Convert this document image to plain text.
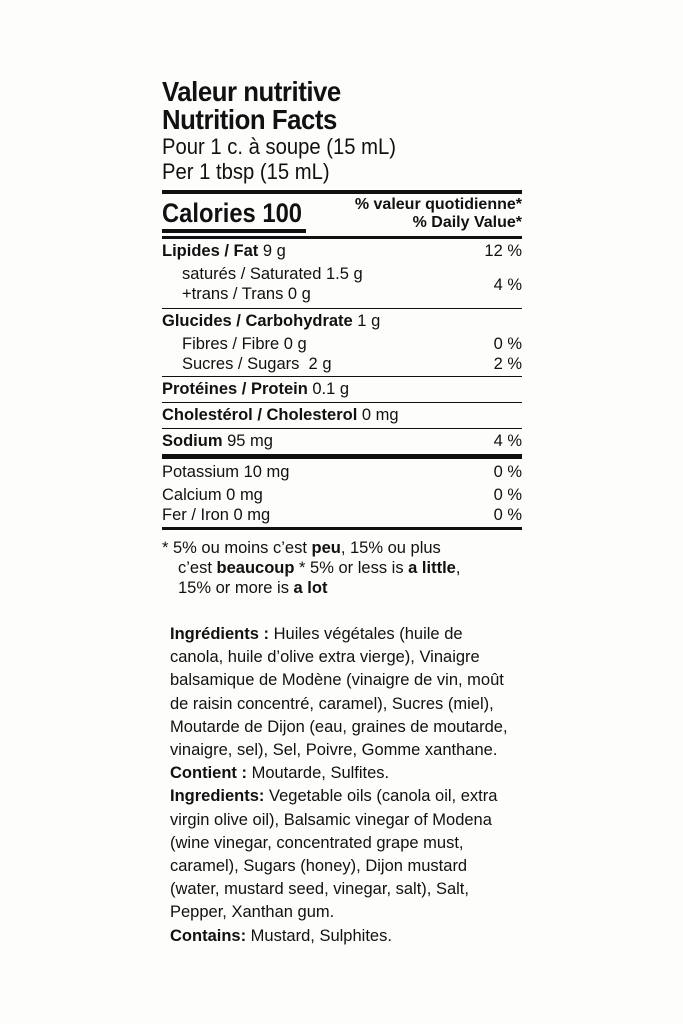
Valeur nutritive
Nutrition Facts
Pour 1 c. à soupe (15 mL)
Per 1 tbsp (15 mL)
Calories 100	% valeur quotidienne*
% Daily Value*
Lipides / Fat 9 g	12 %
saturés / Saturated 1.5 g
+trans / Trans 0 g	4 %
Glucides / Carbohydrate 1 g
Fibres / Fibre 0 g	0 %
Sucres / Sugars  2 g	2 %
Protéines / Protein 0.1 g
Cholestérol / Cholesterol 0 mg
Sodium 95 mg	4 %
Potassium 10 mg	0 %
Calcium 0 mg	0 %
Fer / Iron 0 mg	0 %
* 5% ou moins c’est peu, 15% ou plus
c’est beaucoup * 5% or less is a little,
15% or more is a lot
Ingrédients : Huiles végétales (huile de
canola, huile d’olive extra vierge), Vinaigre
balsamique de Modène (vinaigre de vin, moût
de raisin concentré, caramel), Sucres (miel),
Moutarde de Dijon (eau, graines de moutarde,
vinaigre, sel), Sel, Poivre, Gomme xanthane.
Contient : Moutarde, Sulfites.
Ingredients: Vegetable oils (canola oil, extra
virgin olive oil), Balsamic vinegar of Modena
(wine vinegar, concentrated grape must,
caramel), Sugars (honey), Dijon mustard
(water, mustard seed, vinegar, salt), Salt,
Pepper, Xanthan gum.
Contains: Mustard, Sulphites.
